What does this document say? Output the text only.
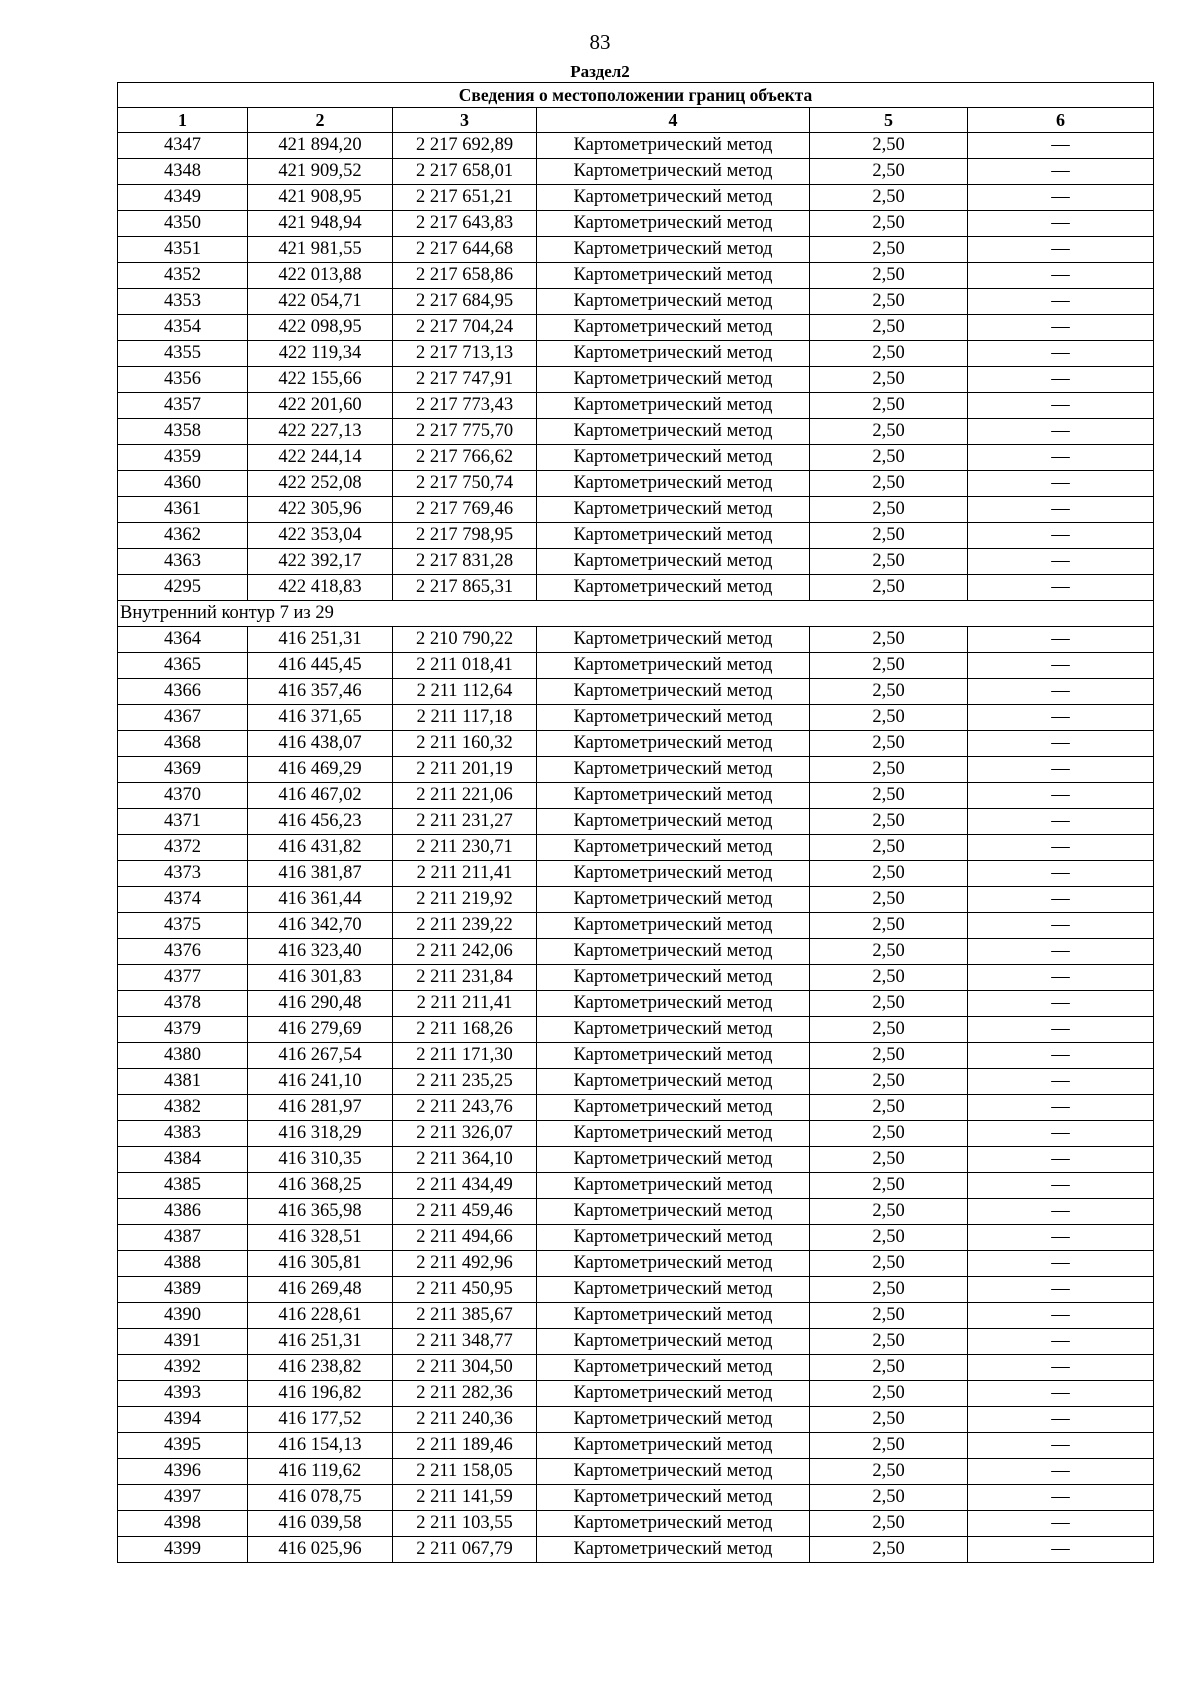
83
Раздел2
Сведения о местоположении границ объекта					
1	2	3	4	5	6
4347	421 894,20	2 217 692,89	Картометрический метод	2,50	—
4348	421 909,52	2 217 658,01	Картометрический метод	2,50	—
4349	421 908,95	2 217 651,21	Картометрический метод	2,50	—
4350	421 948,94	2 217 643,83	Картометрический метод	2,50	—
4351	421 981,55	2 217 644,68	Картометрический метод	2,50	—
4352	422 013,88	2 217 658,86	Картометрический метод	2,50	—
4353	422 054,71	2 217 684,95	Картометрический метод	2,50	—
4354	422 098,95	2 217 704,24	Картометрический метод	2,50	—
4355	422 119,34	2 217 713,13	Картометрический метод	2,50	—
4356	422 155,66	2 217 747,91	Картометрический метод	2,50	—
4357	422 201,60	2 217 773,43	Картометрический метод	2,50	—
4358	422 227,13	2 217 775,70	Картометрический метод	2,50	—
4359	422 244,14	2 217 766,62	Картометрический метод	2,50	—
4360	422 252,08	2 217 750,74	Картометрический метод	2,50	—
4361	422 305,96	2 217 769,46	Картометрический метод	2,50	—
4362	422 353,04	2 217 798,95	Картометрический метод	2,50	—
4363	422 392,17	2 217 831,28	Картометрический метод	2,50	—
4295	422 418,83	2 217 865,31	Картометрический метод	2,50	—
Внутренний контур 7 из 29					
4364	416 251,31	2 210 790,22	Картометрический метод	2,50	—
4365	416 445,45	2 211 018,41	Картометрический метод	2,50	—
4366	416 357,46	2 211 112,64	Картометрический метод	2,50	—
4367	416 371,65	2 211 117,18	Картометрический метод	2,50	—
4368	416 438,07	2 211 160,32	Картометрический метод	2,50	—
4369	416 469,29	2 211 201,19	Картометрический метод	2,50	—
4370	416 467,02	2 211 221,06	Картометрический метод	2,50	—
4371	416 456,23	2 211 231,27	Картометрический метод	2,50	—
4372	416 431,82	2 211 230,71	Картометрический метод	2,50	—
4373	416 381,87	2 211 211,41	Картометрический метод	2,50	—
4374	416 361,44	2 211 219,92	Картометрический метод	2,50	—
4375	416 342,70	2 211 239,22	Картометрический метод	2,50	—
4376	416 323,40	2 211 242,06	Картометрический метод	2,50	—
4377	416 301,83	2 211 231,84	Картометрический метод	2,50	—
4378	416 290,48	2 211 211,41	Картометрический метод	2,50	—
4379	416 279,69	2 211 168,26	Картометрический метод	2,50	—
4380	416 267,54	2 211 171,30	Картометрический метод	2,50	—
4381	416 241,10	2 211 235,25	Картометрический метод	2,50	—
4382	416 281,97	2 211 243,76	Картометрический метод	2,50	—
4383	416 318,29	2 211 326,07	Картометрический метод	2,50	—
4384	416 310,35	2 211 364,10	Картометрический метод	2,50	—
4385	416 368,25	2 211 434,49	Картометрический метод	2,50	—
4386	416 365,98	2 211 459,46	Картометрический метод	2,50	—
4387	416 328,51	2 211 494,66	Картометрический метод	2,50	—
4388	416 305,81	2 211 492,96	Картометрический метод	2,50	—
4389	416 269,48	2 211 450,95	Картометрический метод	2,50	—
4390	416 228,61	2 211 385,67	Картометрический метод	2,50	—
4391	416 251,31	2 211 348,77	Картометрический метод	2,50	—
4392	416 238,82	2 211 304,50	Картометрический метод	2,50	—
4393	416 196,82	2 211 282,36	Картометрический метод	2,50	—
4394	416 177,52	2 211 240,36	Картометрический метод	2,50	—
4395	416 154,13	2 211 189,46	Картометрический метод	2,50	—
4396	416 119,62	2 211 158,05	Картометрический метод	2,50	—
4397	416 078,75	2 211 141,59	Картометрический метод	2,50	—
4398	416 039,58	2 211 103,55	Картометрический метод	2,50	—
4399	416 025,96	2 211 067,79	Картометрический метод	2,50	—
